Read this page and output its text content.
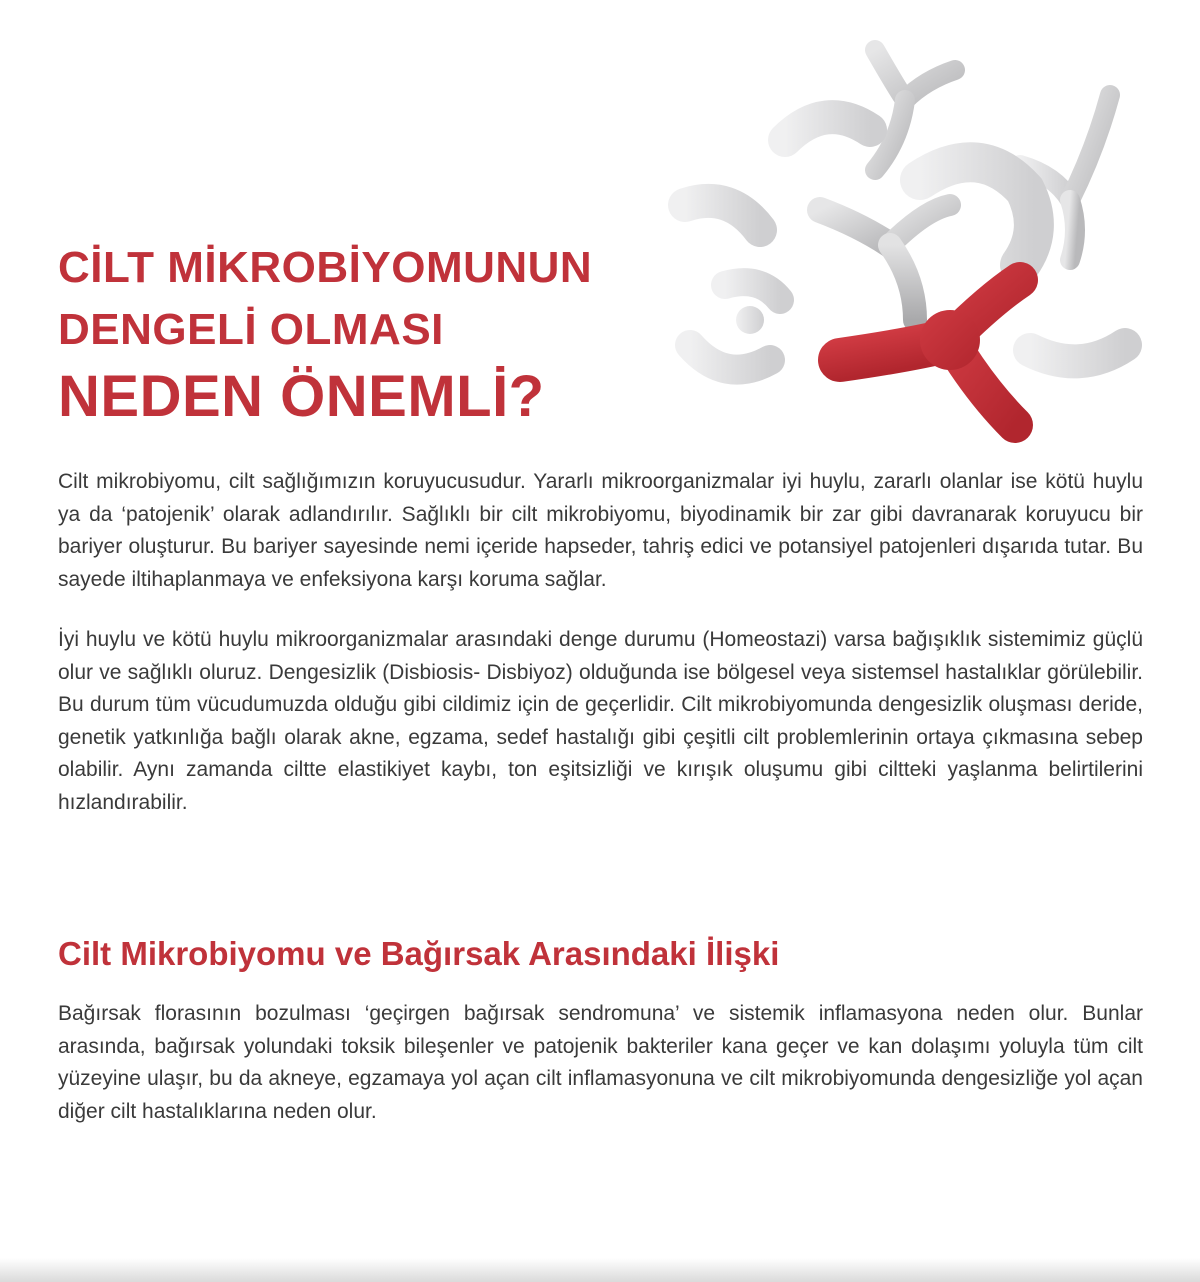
CİLT MİKROBİYOMUNUN
DENGELİ OLMASI
NEDEN ÖNEMLİ?

Cilt mikrobiyomu, cilt sağlığımızın koruyucusudur. Yararlı mikroorganizmalar iyi huylu, zararlı olanlar ise kötü huylu ya da ‘patojenik’ olarak adlandırılır. Sağlıklı bir cilt mikrobiyomu, biyodinamik bir zar gibi davranarak koruyucu bir bariyer oluşturur. Bu bariyer sayesinde nemi içeride hapseder, tahriş edici ve potansiyel patojenleri dışarıda tutar. Bu sayede iltihaplanmaya ve enfeksiyona karşı koruma sağlar.

İyi huylu ve kötü huylu mikroorganizmalar arasındaki denge durumu (Homeostazi) varsa bağışıklık sistemimiz güçlü olur ve sağlıklı oluruz. Dengesizlik (Disbiosis- Disbiyoz) olduğunda ise bölgesel veya sistemsel hastalıklar görülebilir. Bu durum tüm vücudumuzda olduğu gibi cildimiz için de geçerlidir. Cilt mikrobiyomunda dengesizlik oluşması deride, genetik yatkınlığa bağlı olarak akne, egzama, sedef hastalığı gibi çeşitli cilt problemlerinin ortaya çıkmasına sebep olabilir. Aynı zamanda ciltte elastikiyet kaybı, ton eşitsizliği ve kırışık oluşumu gibi ciltteki yaşlanma belirtilerini hızlandırabilir.

Cilt Mikrobiyomu ve Bağırsak Arasındaki İlişki

Bağırsak florasının bozulması ‘geçirgen bağırsak sendromuna’ ve sistemik inflamasyona neden olur. Bunlar arasında, bağırsak yolundaki toksik bileşenler ve patojenik bakteriler kana geçer ve kan dolaşımı yoluyla tüm cilt yüzeyine ulaşır, bu da akneye, egzamaya yol açan cilt inflamasyonuna ve cilt mikrobiyomunda dengesizliğe yol açan diğer cilt hastalıklarına neden olur.
